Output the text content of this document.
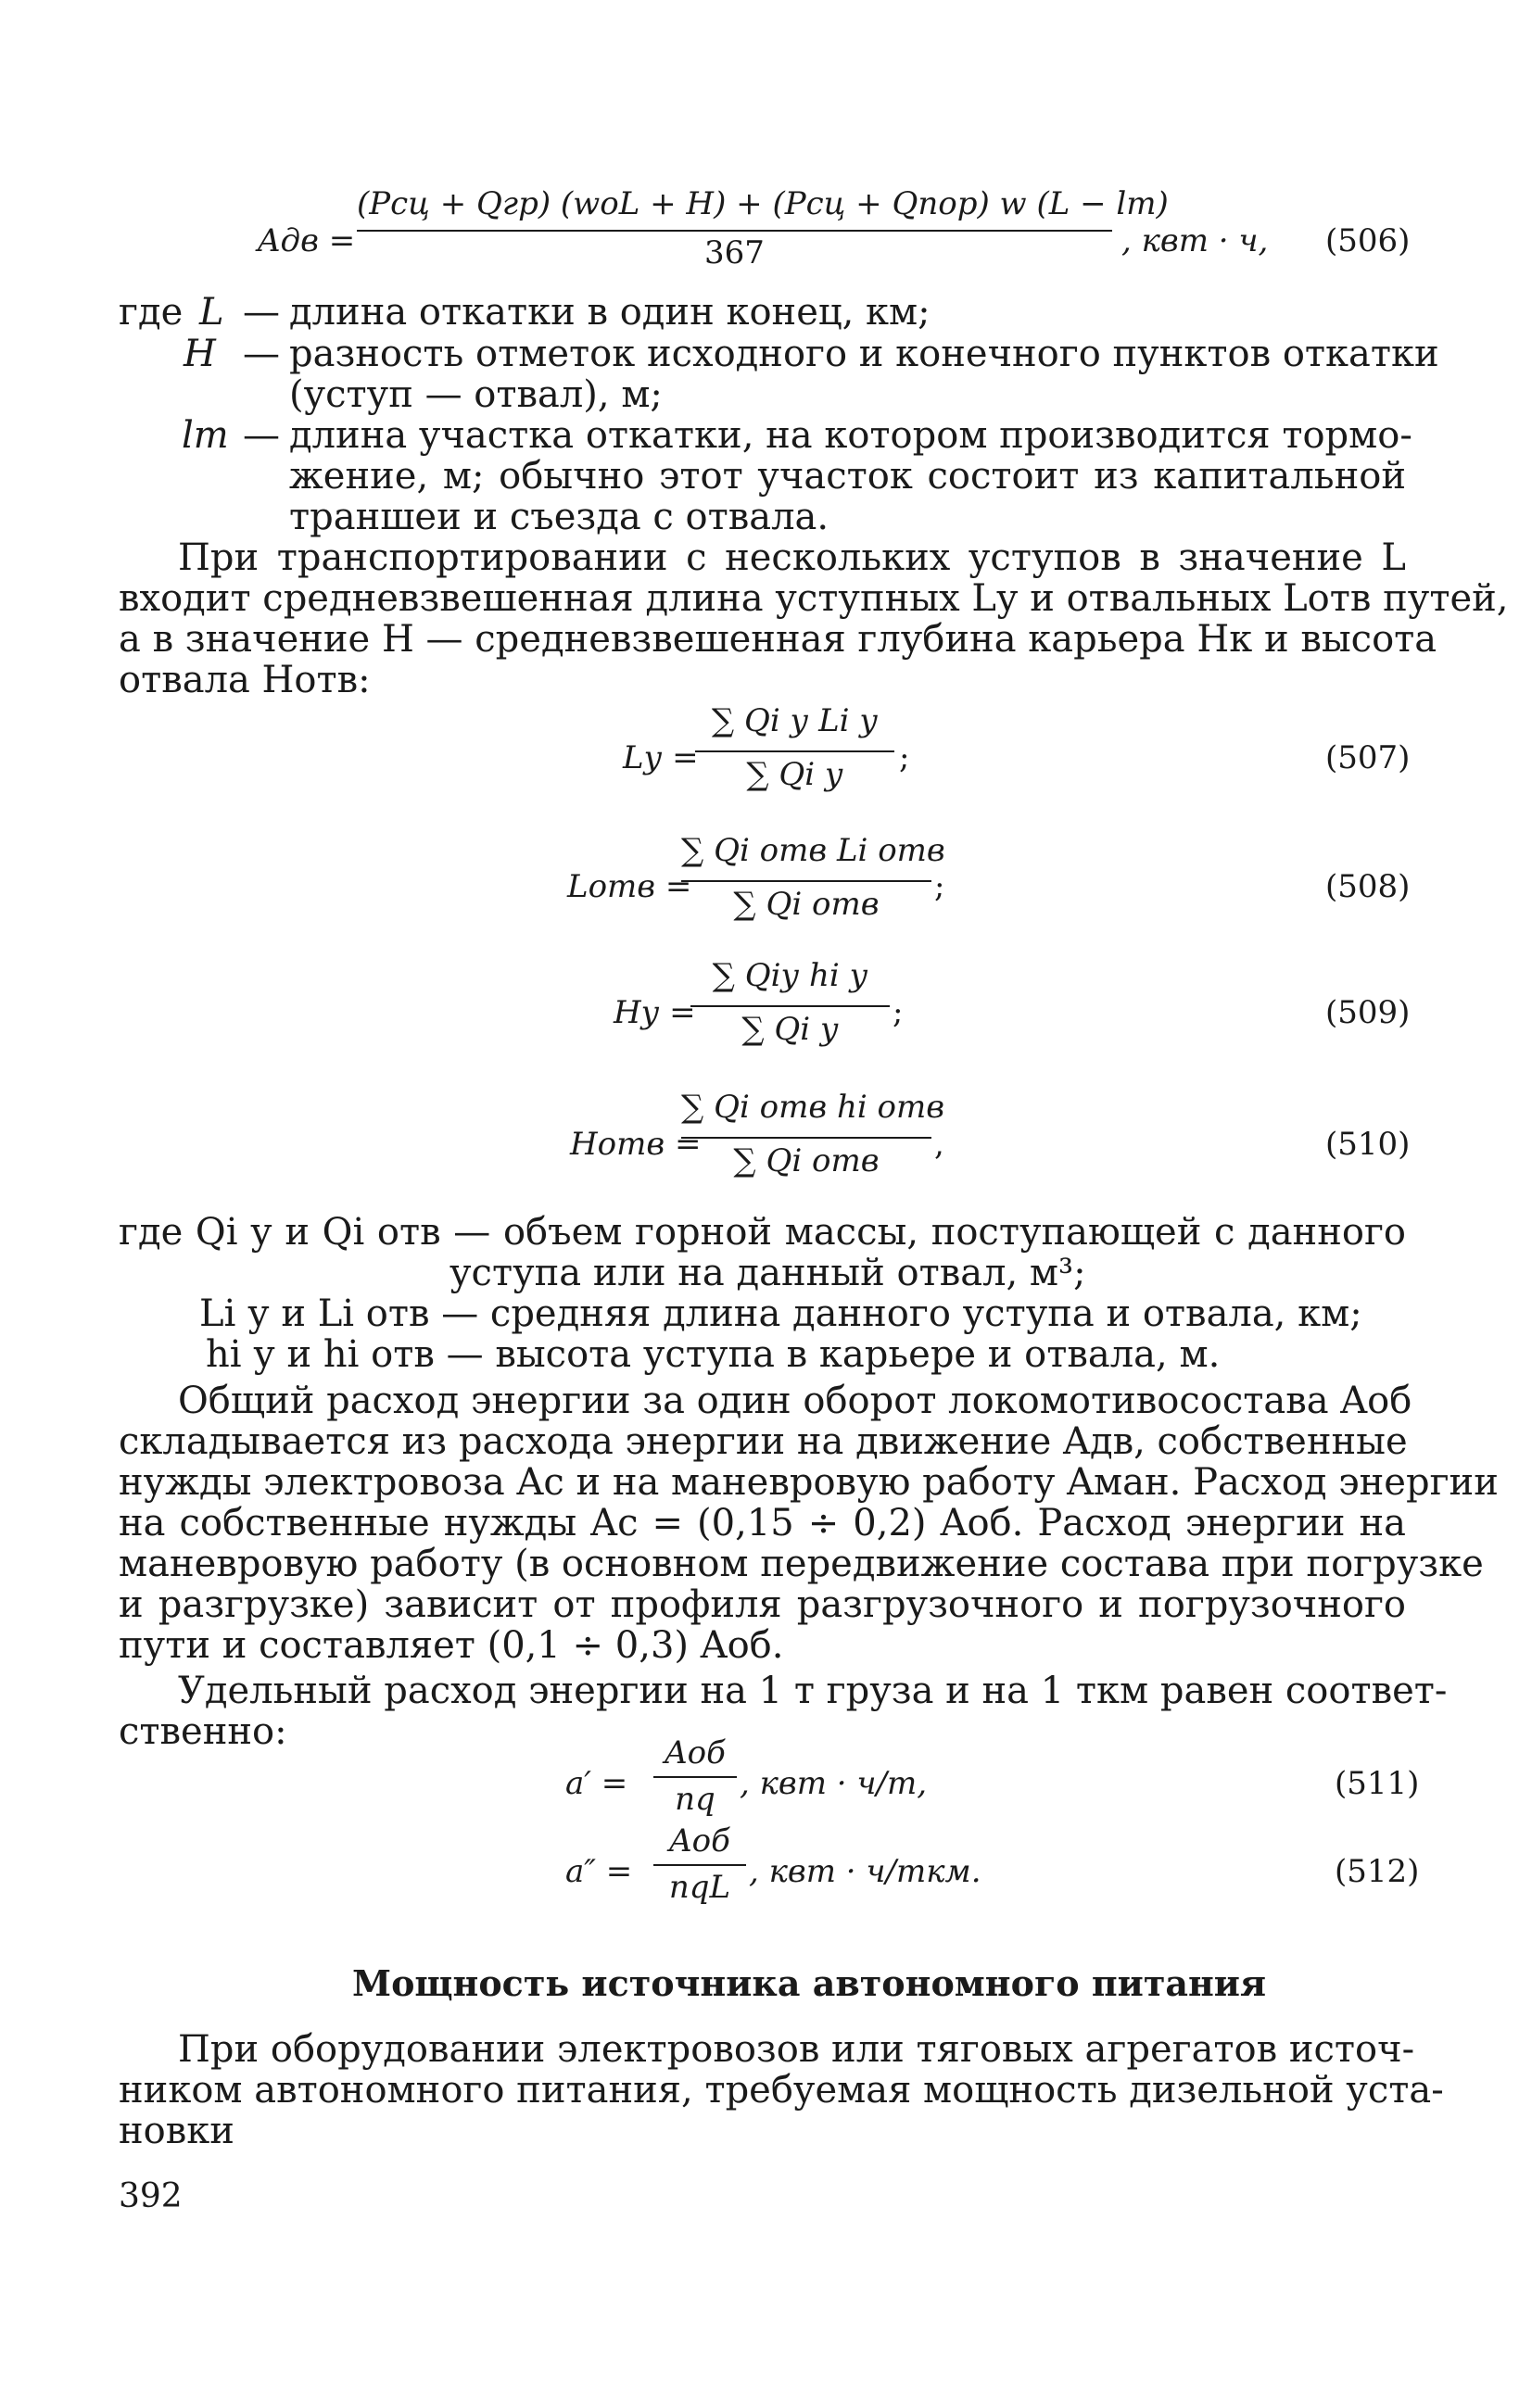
Aдв =
(Pсц + Qгр) (woL + H) + (Pсц + Qпор) w (L − lт)
367	, квт · ч, (506)
где L — длина откатки в один конец, км;
H — разность отметок исходного и конечного пунктов откатки
(уступ — отвал), м;
lт — длина участка откатки, на котором производится тормо-
жение, м; обычно этот участок состоит из капитальной
траншеи и съезда с отвала.
При транспортировании с нескольких уступов в значение L
входит средневзвешенная длина уступных Lу и отвальных Lотв путей,
а в значение H — средневзвешенная глубина карьера Hк и высота
отвала Hотв:
Lу =
∑ Qi у Li у
∑ Qi у	;	(507)
Lотв =
∑ Qi отв Li отв
∑ Qi отв	;	(508)
Hу =
∑ Qiу hi у
∑ Qi у	;	(509)
Hотв =
∑ Qi отв hi отв
∑ Qi отв	,	(510)
где Qi у и Qi отв — объем горной массы, поступающей с данного
уступа или на данный отвал, м³;
Li у и Li отв — средняя длина данного уступа и отвала, км;
hi у и hi отв — высота уступа в карьере и отвала, м.
Общий расход энергии за один оборот локомотивосостава Aоб
складывается из расхода энергии на движение Aдв, собственные
нужды электровоза Aс и на маневровую работу Aман. Расход энергии
на собственные нужды Aс = (0,15 ÷ 0,2) Aоб. Расход энергии на
маневровую работу (в основном передвижение состава при погрузке
и разгрузке) зависит от профиля разгрузочного и погрузочного
пути и составляет (0,1 ÷ 0,3) Aоб.
Удельный расход энергии на 1 т груза и на 1 ткм равен соответ-
ственно:
a′ =
Aоб
nq , квт · ч/т,	(511)
a″ =
Aоб
nqL , квт · ч/ткм.	(512)
Мощность источника автономного питания
При оборудовании электровозов или тяговых агрегатов источ-
ником автономного питания, требуемая мощность дизельной уста-
новки
392
